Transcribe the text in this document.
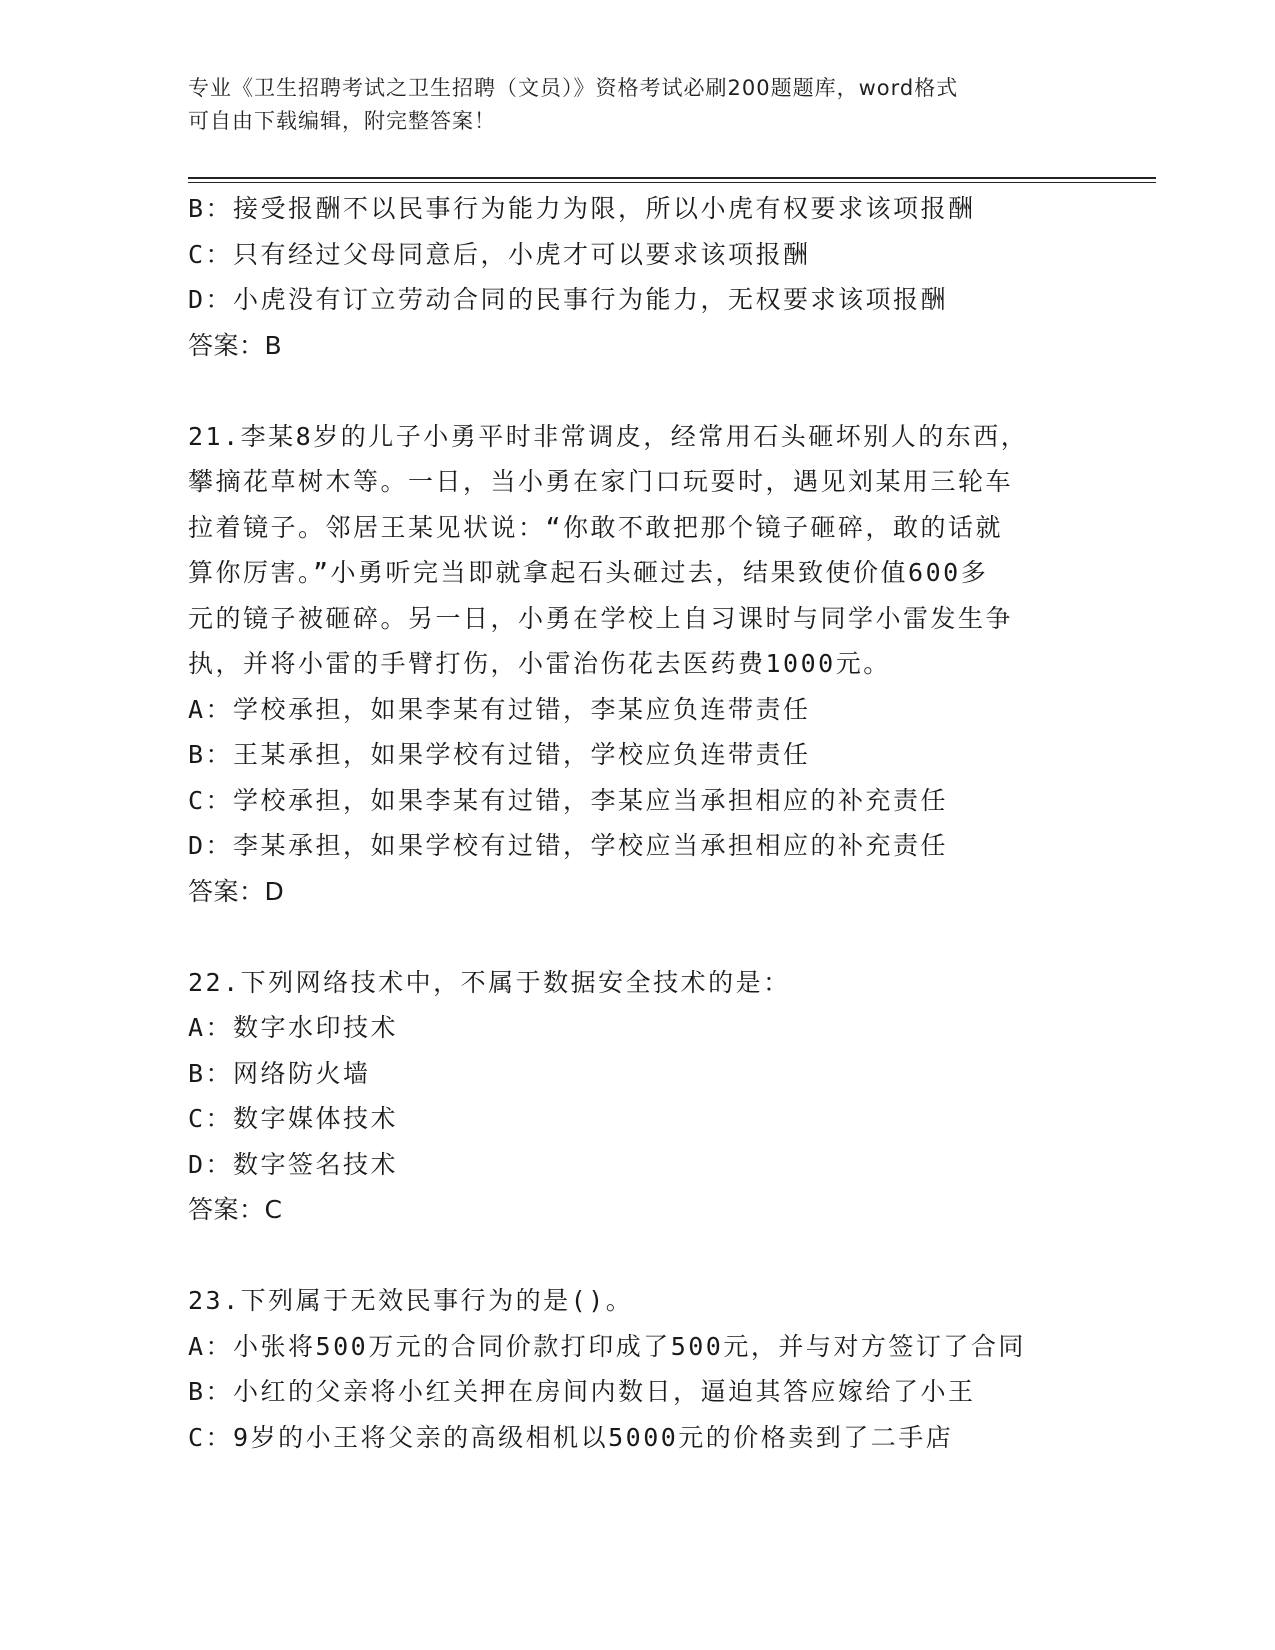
专业《卫生招聘考试之卫生招聘（文员）》资格考试必刷200题题库，word格式
可自由下载编辑，附完整答案！
B：接受报酬不以民事行为能力为限，所以小虎有权要求该项报酬
C：只有经过父母同意后，小虎才可以要求该项报酬
D：小虎没有订立劳动合同的民事行为能力，无权要求该项报酬
答案：B
21.李某8岁的儿子小勇平时非常调皮，经常用石头砸坏别人的东西，
攀摘花草树木等。一日，当小勇在家门口玩耍时，遇见刘某用三轮车
拉着镜子。邻居王某见状说：“你敢不敢把那个镜子砸碎，敢的话就
算你厉害。”小勇听完当即就拿起石头砸过去，结果致使价值600多
元的镜子被砸碎。另一日，小勇在学校上自习课时与同学小雷发生争
执，并将小雷的手臂打伤，小雷治伤花去医药费1000元。
A：学校承担，如果李某有过错，李某应负连带责任
B：王某承担，如果学校有过错，学校应负连带责任
C：学校承担，如果李某有过错，李某应当承担相应的补充责任
D：李某承担，如果学校有过错，学校应当承担相应的补充责任
答案：D
22.下列网络技术中，不属于数据安全技术的是：
A：数字水印技术
B：网络防火墙
C：数字媒体技术
D：数字签名技术
答案：C
23.下列属于无效民事行为的是()。
A：小张将500万元的合同价款打印成了500元，并与对方签订了合同
B：小红的父亲将小红关押在房间内数日，逼迫其答应嫁给了小王
C：9岁的小王将父亲的高级相机以5000元的价格卖到了二手店
